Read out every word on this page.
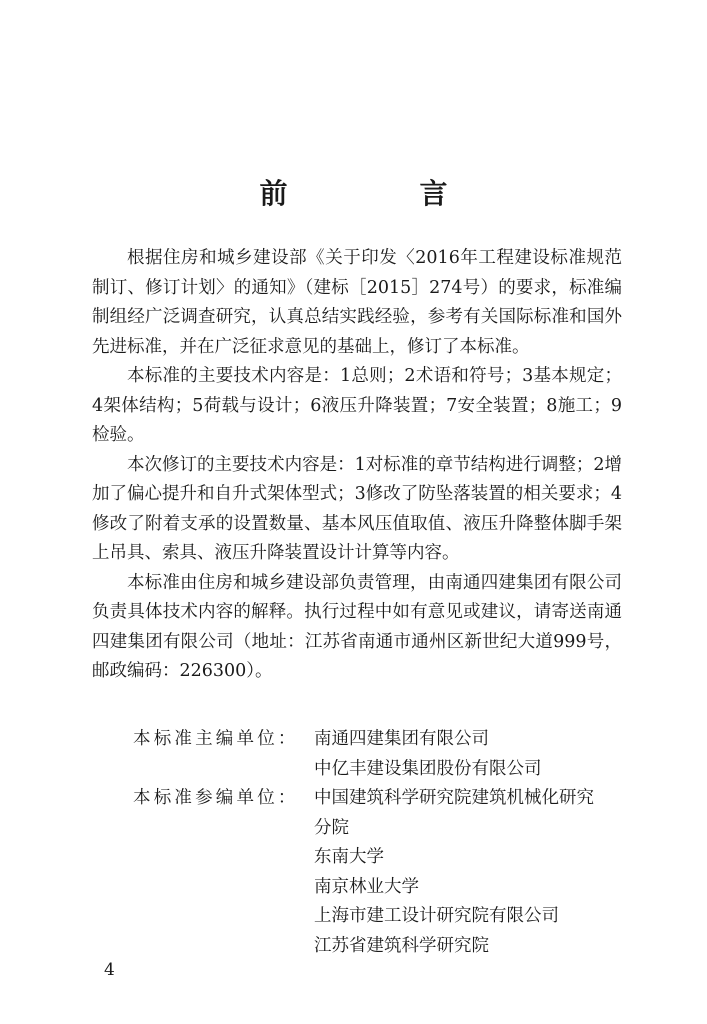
前　言

根据住房和城乡建设部《关于印发〈2016年工程建设标准规范制订、修订计划〉的通知》（建标［2015］274号）的要求，标准编制组经广泛调查研究，认真总结实践经验，参考有关国际标准和国外先进标准，并在广泛征求意见的基础上，修订了本标准。

本标准的主要技术内容是：1总则；2术语和符号；3基本规定；4架体结构；5荷载与设计；6液压升降装置；7安全装置；8施工；9检验。

本次修订的主要技术内容是：1对标准的章节结构进行调整；2增加了偏心提升和自升式架体型式；3修改了防坠落装置的相关要求；4修改了附着支承的设置数量、基本风压值取值、液压升降整体脚手架上吊具、索具、液压升降装置设计计算等内容。

本标准由住房和城乡建设部负责管理，由南通四建集团有限公司负责具体技术内容的解释。执行过程中如有意见或建议，请寄送南通四建集团有限公司（地址：江苏省南通市通州区新世纪大道999号，邮政编码：226300）。

本标准主编单位： 南通四建集团有限公司
中亿丰建设集团股份有限公司
本标准参编单位： 中国建筑科学研究院建筑机械化研究
分院
东南大学
南京林业大学
上海市建工设计研究院有限公司
江苏省建筑科学研究院
4
